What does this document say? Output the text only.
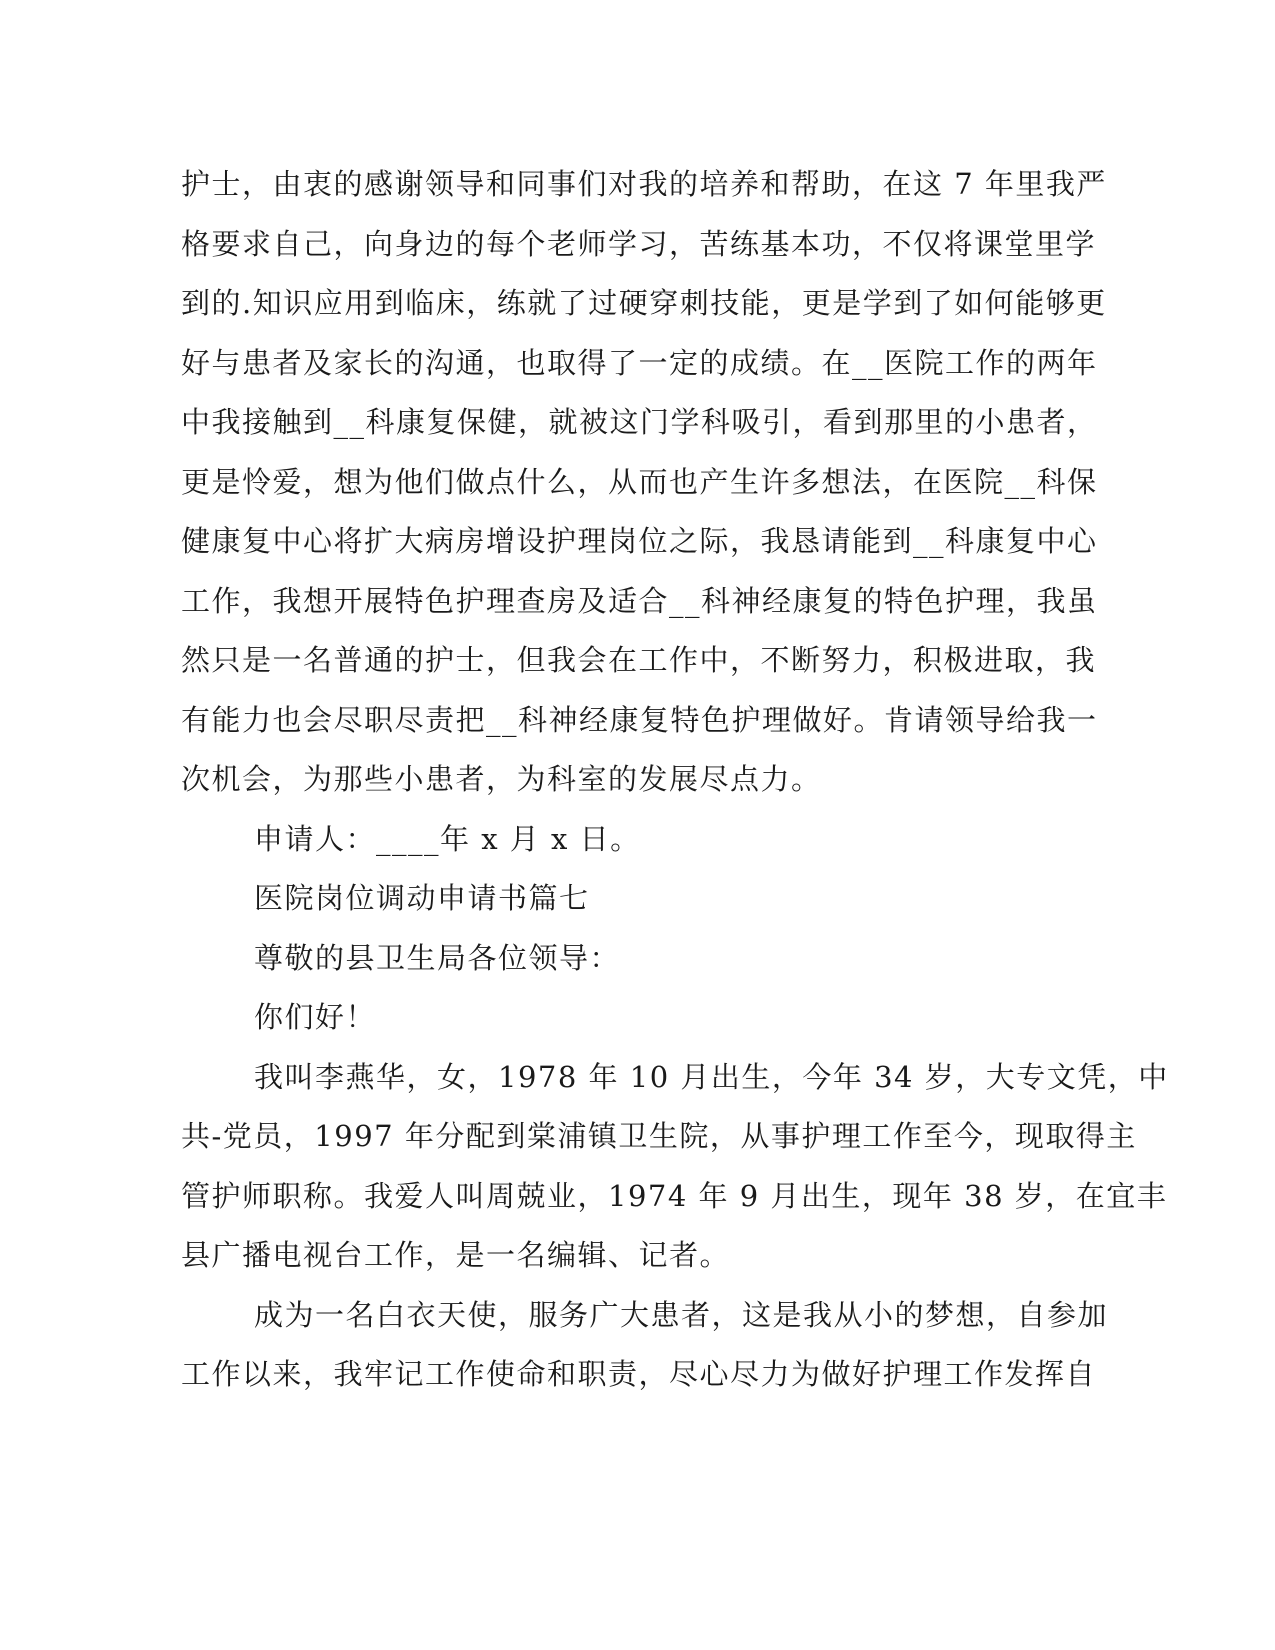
护士，由衷的感谢领导和同事们对我的培养和帮助，在这 7 年里我严
格要求自己，向身边的每个老师学习，苦练基本功，不仅将课堂里学
到的.知识应用到临床，练就了过硬穿刺技能，更是学到了如何能够更
好与患者及家长的沟通，也取得了一定的成绩。在__医院工作的两年
中我接触到__科康复保健，就被这门学科吸引，看到那里的小患者，
更是怜爱，想为他们做点什么，从而也产生许多想法，在医院__科保
健康复中心将扩大病房增设护理岗位之际，我恳请能到__科康复中心
工作，我想开展特色护理查房及适合__科神经康复的特色护理，我虽
然只是一名普通的护士，但我会在工作中，不断努力，积极进取，我
有能力也会尽职尽责把__科神经康复特色护理做好。肯请领导给我一
次机会，为那些小患者，为科室的发展尽点力。
申请人：____年 x 月 x 日。
医院岗位调动申请书篇七
尊敬的县卫生局各位领导：
你们好！
我叫李燕华，女，1978 年 10 月出生，今年 34 岁，大专文凭，中
共-党员，1997 年分配到棠浦镇卫生院，从事护理工作至今，现取得主
管护师职称。我爱人叫周兢业，1974 年 9 月出生，现年 38 岁，在宜丰
县广播电视台工作，是一名编辑、记者。
成为一名白衣天使，服务广大患者，这是我从小的梦想，自参加
工作以来，我牢记工作使命和职责，尽心尽力为做好护理工作发挥自
